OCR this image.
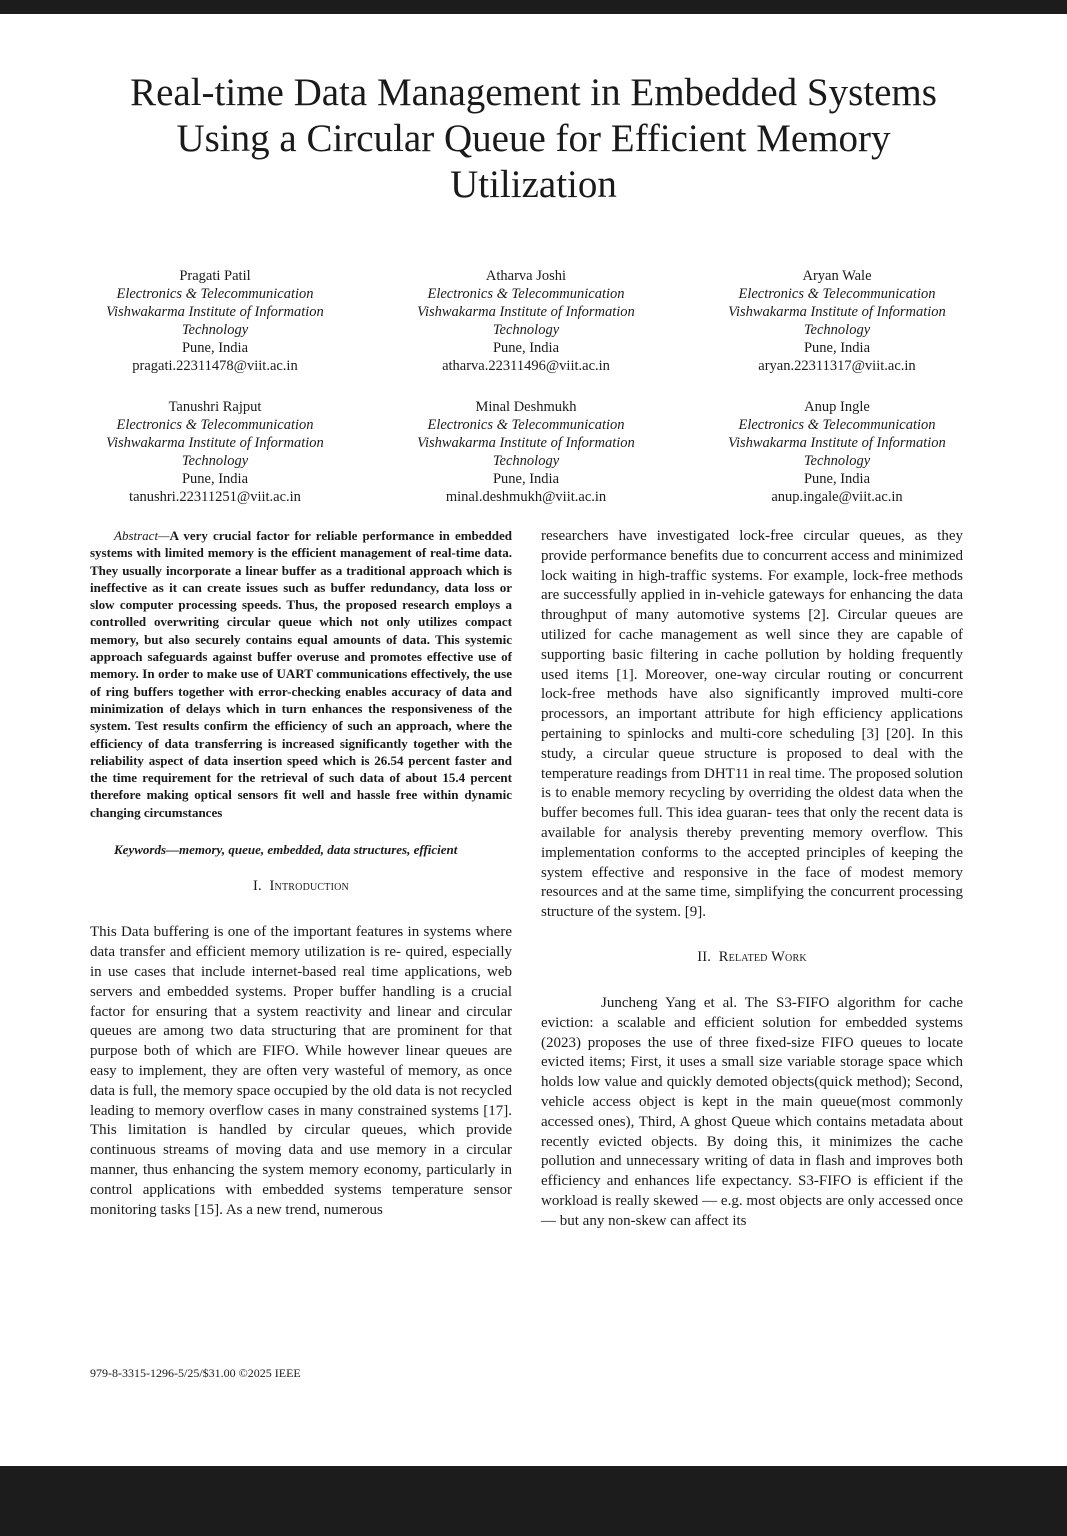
Real-time Data Management in Embedded Systems
Using a Circular Queue for Efficient Memory
Utilization
Pragati Patil
Electronics & Telecommunication
Vishwakarma Institute of Information
Technology
Pune, India
pragati.22311478@viit.ac.in
Atharva Joshi
Electronics & Telecommunication
Vishwakarma Institute of Information
Technology
Pune, India
atharva.22311496@viit.ac.in
Aryan Wale
Electronics & Telecommunication
Vishwakarma Institute of Information
Technology
Pune, India
aryan.22311317@viit.ac.in
Tanushri Rajput
Electronics & Telecommunication
Vishwakarma Institute of Information
Technology
Pune, India
tanushri.22311251@viit.ac.in
Minal Deshmukh
Electronics & Telecommunication
Vishwakarma Institute of Information
Technology
Pune, India
minal.deshmukh@viit.ac.in
Anup Ingle
Electronics & Telecommunication
Vishwakarma Institute of Information
Technology
Pune, India
anup.ingale@viit.ac.in

Abstract—A very crucial factor for reliable performance in embedded systems with limited memory is the efficient management of real-time data. They usually incorporate a linear buffer as a traditional approach which is ineffective as it can create issues such as buffer redundancy, data loss or slow computer processing speeds. Thus, the proposed research employs a controlled overwriting circular queue which not only utilizes compact memory, but also securely contains equal amounts of data. This systemic approach safeguards against buffer overuse and promotes effective use of memory. In order to make use of UART communications effectively, the use of ring buffers together with error-checking enables accuracy of data and minimization of delays which in turn enhances the responsiveness of the system. Test results confirm the efficiency of such an approach, where the efficiency of data transferring is increased significantly together with the reliability aspect of data insertion speed which is 26.54 percent faster and the time requirement for the retrieval of such data of about 15.4 percent therefore making optical sensors fit well and hassle free within dynamic changing circumstances

Keywords—memory, queue, embedded, data structures, efficient

I. Introduction

This Data buffering is one of the important features in systems where data transfer and efficient memory utilization is re- quired, especially in use cases that include internet-based real time applications, web servers and embedded systems. Proper buffer handling is a crucial factor for ensuring that a system reactivity and linear and circular queues are among two data structuring that are prominent for that purpose both of which are FIFO. While however linear queues are easy to implement, they are often very wasteful of memory, as once data is full, the memory space occupied by the old data is not recycled leading to memory overflow cases in many constrained systems [17]. This limitation is handled by circular queues, which provide continuous streams of moving data and use memory in a circular manner, thus enhancing the system memory economy, particularly in control applications with embedded systems temperature sensor monitoring tasks [15]. As a new trend, numerous

researchers have investigated lock-free circular queues, as they provide performance benefits due to concurrent access and minimized lock waiting in high-traffic systems. For example, lock-free methods are successfully applied in in-vehicle gateways for enhancing the data throughput of many automotive systems [2]. Circular queues are utilized for cache management as well since they are capable of supporting basic filtering in cache pollution by holding frequently used items [1]. Moreover, one-way circular routing or concurrent lock-free methods have also significantly improved multi-core processors, an important attribute for high efficiency applications pertaining to spinlocks and multi-core scheduling [3] [20]. In this study, a circular queue structure is proposed to deal with the temperature readings from DHT11 in real time. The proposed solution is to enable memory recycling by overriding the oldest data when the buffer becomes full. This idea guaran- tees that only the recent data is available for analysis thereby preventing memory overflow. This implementation conforms to the accepted principles of keeping the system effective and responsive in the face of modest memory resources and at the same time, simplifying the concurrent processing structure of the system. [9].

II. Related Work

Juncheng Yang et al. The S3-FIFO algorithm for cache eviction: a scalable and efficient solution for embedded systems (2023) proposes the use of three fixed-size FIFO queues to locate evicted items; First, it uses a small size variable storage space which holds low value and quickly demoted objects(quick method); Second, vehicle access object is kept in the main queue(most commonly accessed ones), Third, A ghost Queue which contains metadata about recently evicted objects. By doing this, it minimizes the cache pollution and unnecessary writing of data in flash and improves both efficiency and enhances life expectancy. S3-FIFO is efficient if the workload is really skewed — e.g. most objects are only accessed once — but any non-skew can affect its

979-8-3315-1296-5/25/$31.00 ©2025 IEEE
